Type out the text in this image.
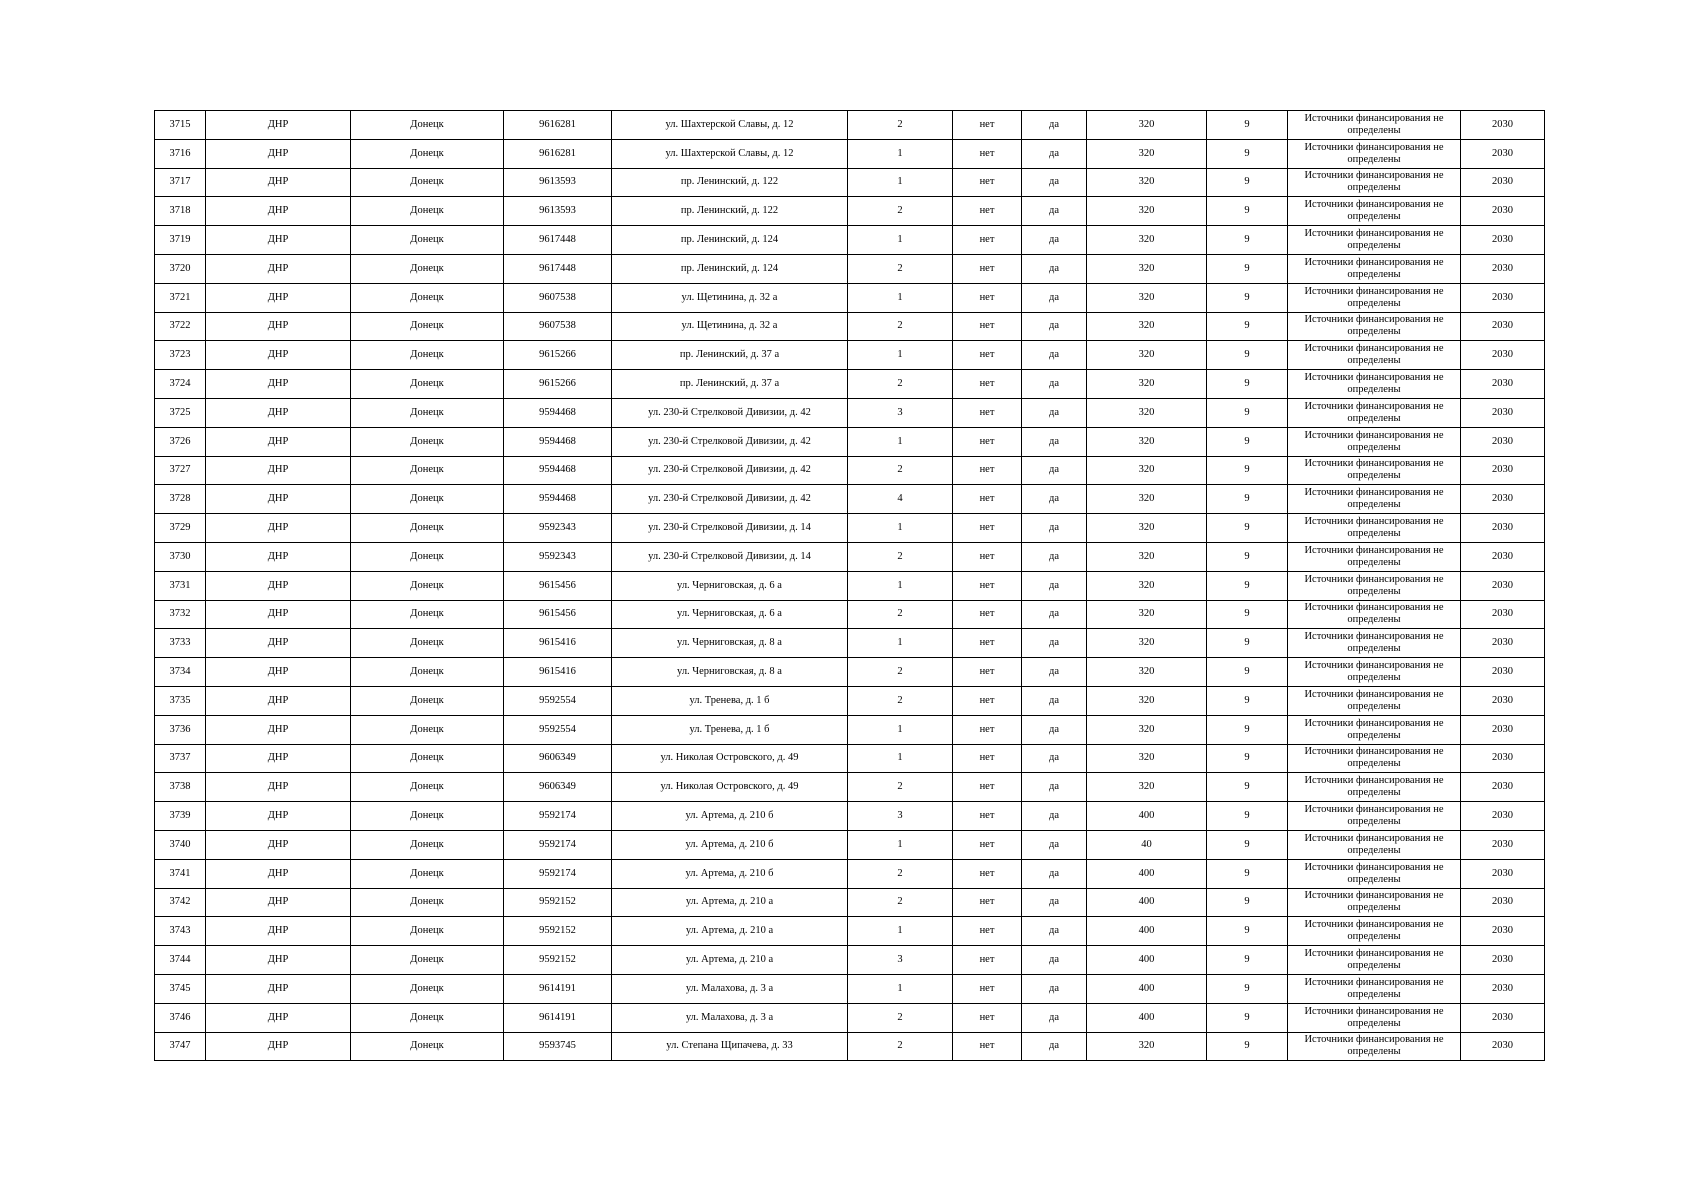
3715	ДНР	Донецк	9616281	ул. Шахтерской Славы, д. 12	2	нет	да	320	9	Источники финансирования не определены	2030
3716	ДНР	Донецк	9616281	ул. Шахтерской Славы, д. 12	1	нет	да	320	9	Источники финансирования не определены	2030
3717	ДНР	Донецк	9613593	пр. Ленинский, д. 122	1	нет	да	320	9	Источники финансирования не определены	2030
3718	ДНР	Донецк	9613593	пр. Ленинский, д. 122	2	нет	да	320	9	Источники финансирования не определены	2030
3719	ДНР	Донецк	9617448	пр. Ленинский, д. 124	1	нет	да	320	9	Источники финансирования не определены	2030
3720	ДНР	Донецк	9617448	пр. Ленинский, д. 124	2	нет	да	320	9	Источники финансирования не определены	2030
3721	ДНР	Донецк	9607538	ул. Щетинина, д. 32 а	1	нет	да	320	9	Источники финансирования не определены	2030
3722	ДНР	Донецк	9607538	ул. Щетинина, д. 32 а	2	нет	да	320	9	Источники финансирования не определены	2030
3723	ДНР	Донецк	9615266	пр. Ленинский, д. 37 а	1	нет	да	320	9	Источники финансирования не определены	2030
3724	ДНР	Донецк	9615266	пр. Ленинский, д. 37 а	2	нет	да	320	9	Источники финансирования не определены	2030
3725	ДНР	Донецк	9594468	ул. 230-й Стрелковой Дивизии, д. 42	3	нет	да	320	9	Источники финансирования не определены	2030
3726	ДНР	Донецк	9594468	ул. 230-й Стрелковой Дивизии, д. 42	1	нет	да	320	9	Источники финансирования не определены	2030
3727	ДНР	Донецк	9594468	ул. 230-й Стрелковой Дивизии, д. 42	2	нет	да	320	9	Источники финансирования не определены	2030
3728	ДНР	Донецк	9594468	ул. 230-й Стрелковой Дивизии, д. 42	4	нет	да	320	9	Источники финансирования не определены	2030
3729	ДНР	Донецк	9592343	ул. 230-й Стрелковой Дивизии, д. 14	1	нет	да	320	9	Источники финансирования не определены	2030
3730	ДНР	Донецк	9592343	ул. 230-й Стрелковой Дивизии, д. 14	2	нет	да	320	9	Источники финансирования не определены	2030
3731	ДНР	Донецк	9615456	ул. Черниговская, д. 6 а	1	нет	да	320	9	Источники финансирования не определены	2030
3732	ДНР	Донецк	9615456	ул. Черниговская, д. 6 а	2	нет	да	320	9	Источники финансирования не определены	2030
3733	ДНР	Донецк	9615416	ул. Черниговская, д. 8 а	1	нет	да	320	9	Источники финансирования не определены	2030
3734	ДНР	Донецк	9615416	ул. Черниговская, д. 8 а	2	нет	да	320	9	Источники финансирования не определены	2030
3735	ДНР	Донецк	9592554	ул. Тренева, д. 1 б	2	нет	да	320	9	Источники финансирования не определены	2030
3736	ДНР	Донецк	9592554	ул. Тренева, д. 1 б	1	нет	да	320	9	Источники финансирования не определены	2030
3737	ДНР	Донецк	9606349	ул. Николая Островского, д. 49	1	нет	да	320	9	Источники финансирования не определены	2030
3738	ДНР	Донецк	9606349	ул. Николая Островского, д. 49	2	нет	да	320	9	Источники финансирования не определены	2030
3739	ДНР	Донецк	9592174	ул. Артема, д. 210 б	3	нет	да	400	9	Источники финансирования не определены	2030
3740	ДНР	Донецк	9592174	ул. Артема, д. 210 б	1	нет	да	40	9	Источники финансирования не определены	2030
3741	ДНР	Донецк	9592174	ул. Артема, д. 210 б	2	нет	да	400	9	Источники финансирования не определены	2030
3742	ДНР	Донецк	9592152	ул. Артема, д. 210 а	2	нет	да	400	9	Источники финансирования не определены	2030
3743	ДНР	Донецк	9592152	ул. Артема, д. 210 а	1	нет	да	400	9	Источники финансирования не определены	2030
3744	ДНР	Донецк	9592152	ул. Артема, д. 210 а	3	нет	да	400	9	Источники финансирования не определены	2030
3745	ДНР	Донецк	9614191	ул. Малахова, д. 3 а	1	нет	да	400	9	Источники финансирования не определены	2030
3746	ДНР	Донецк	9614191	ул. Малахова, д. 3 а	2	нет	да	400	9	Источники финансирования не определены	2030
3747	ДНР	Донецк	9593745	ул. Степана Щипачева, д. 33	2	нет	да	320	9	Источники финансирования не определены	2030
